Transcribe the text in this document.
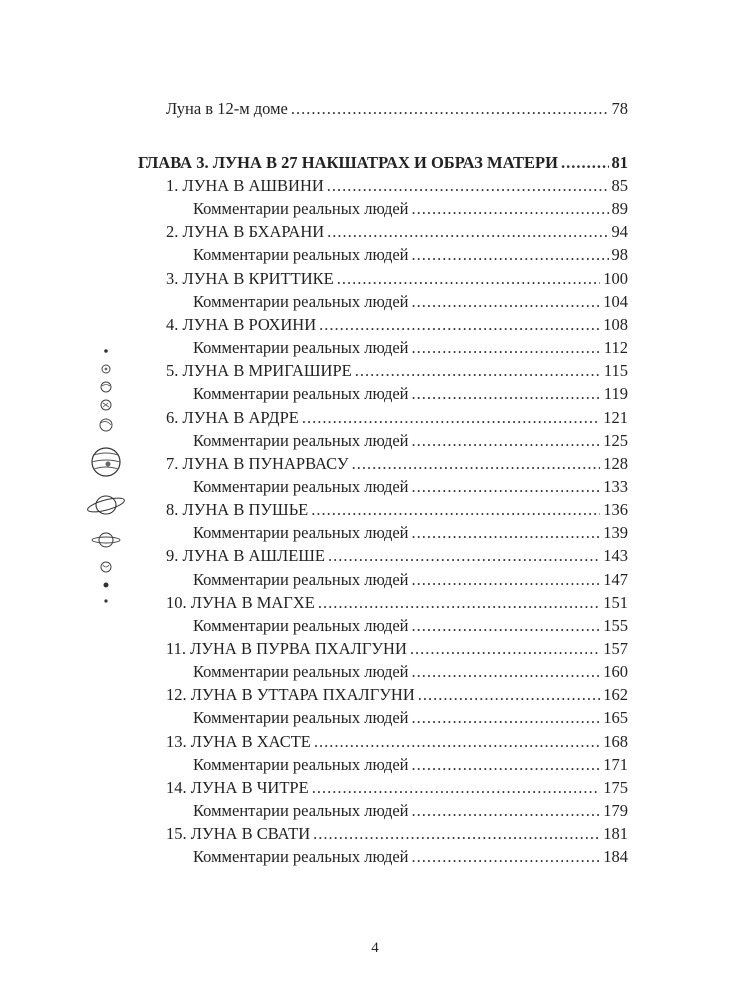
Луна в 12-м доме .....	78
ГЛАВА 3. ЛУНА В 27 НАКШАТРАХ И ОБРАЗ МАТЕРИ .....	81
1. ЛУНА В АШВИНИ .....	85
Комментарии реальных людей .....	89
2. ЛУНА В БХАРАНИ .....	94
Комментарии реальных людей .....	98
3. ЛУНА В КРИТТИКЕ .....	100
Комментарии реальных людей .....	104
4. ЛУНА В РОХИНИ .....	108
Комментарии реальных людей .....	112
5. ЛУНА В МРИГАШИРЕ .....	115
Комментарии реальных людей .....	119
6. ЛУНА В АРДРЕ .....	121
Комментарии реальных людей .....	125
7. ЛУНА В ПУНАРВАСУ .....	128
Комментарии реальных людей .....	133
8. ЛУНА В ПУШЬЕ .....	136
Комментарии реальных людей .....	139
9. ЛУНА В АШЛЕШЕ .....	143
Комментарии реальных людей .....	147
10. ЛУНА В МАГХЕ .....	151
Комментарии реальных людей .....	155
11. ЛУНА В ПУРВА ПХАЛГУНИ .....	157
Комментарии реальных людей .....	160
12. ЛУНА В УТТАРА ПХАЛГУНИ .....	162
Комментарии реальных людей .....	165
13. ЛУНА В ХАСТЕ .....	168
Комментарии реальных людей .....	171
14. ЛУНА В ЧИТРЕ .....	175
Комментарии реальных людей .....	179
15. ЛУНА В СВАТИ .....	181
Комментарии реальных людей .....	184
4
